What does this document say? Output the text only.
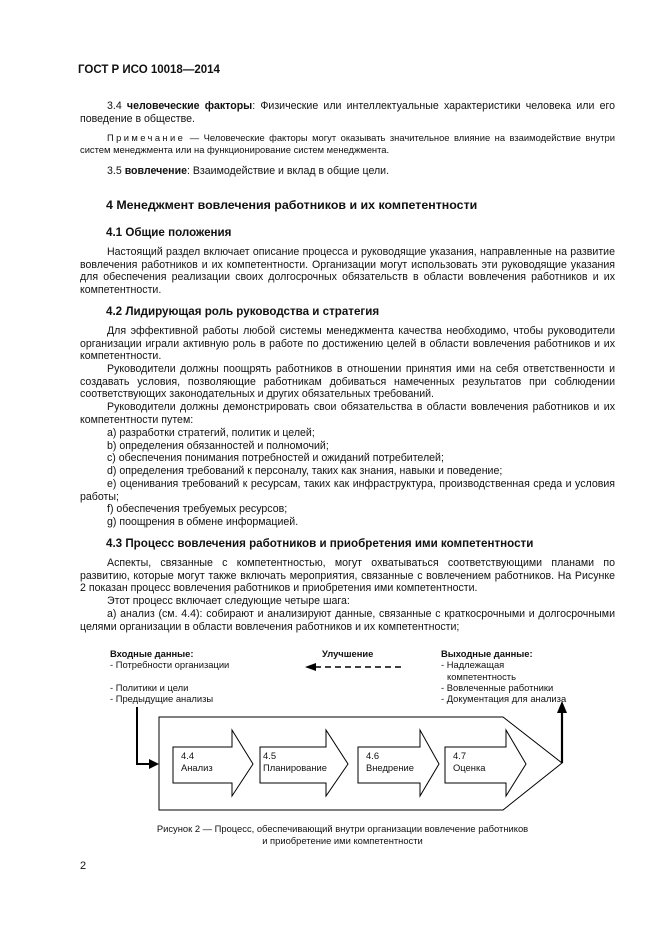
ГОСТ Р ИСО 10018—2014
3.4 человеческие факторы: Физические или интеллектуальные характеристики человека или его поведение в обществе.
Примечание — Человеческие факторы могут оказывать значительное влияние на взаимодействие внутри систем менеджмента или на функционирование систем менеджмента.
3.5 вовлечение: Взаимодействие и вклад в общие цели.
4 Менеджмент вовлечения работников и их компетентности
4.1 Общие положения
Настоящий раздел включает описание процесса и руководящие указания, направленные на развитие вовлечения работников и их компетентности. Организации могут использовать эти руководящие указания для обеспечения реализации своих долгосрочных обязательств в области вовлечения работников и их компетентности.
4.2 Лидирующая роль руководства и стратегия
Для эффективной работы любой системы менеджмента качества необходимо, чтобы руководители организации играли активную роль в работе по достижению целей в области вовлечения работников и их компетентности.
Руководители должны поощрять работников в отношении принятия ими на себя ответственности и создавать условия, позволяющие работникам добиваться намеченных результатов при соблюдении соответствующих законодательных и других обязательных требований.
Руководители должны демонстрировать свои обязательства в области вовлечения работников и их компетентности путем:
a) разработки стратегий, политик и целей;
b) определения обязанностей и полномочий;
c) обеспечения понимания потребностей и ожиданий потребителей;
d) определения требований к персоналу, таких как знания, навыки и поведение;
e) оценивания требований к ресурсам, таких как инфраструктура, производственная среда и условия работы;
f) обеспечения требуемых ресурсов;
g) поощрения в обмене информацией.
4.3 Процесс вовлечения работников и приобретения ими компетентности
Аспекты, связанные с компетентностью, могут охватываться соответствующими планами по развитию, которые могут также включать мероприятия, связанные с вовлечением работников. На Рисунке 2 показан процесс вовлечения работников и приобретения ими компетентности.
Этот процесс включает следующие четыре шага:
a) анализ (см. 4.4): собирают и анализируют данные, связанные с краткосрочными и долгосрочными целями организации в области вовлечения работников и их компетентности;
Входные данные:
- Потребности организации
- Политики и цели
- Предыдущие анализы
Улучшение	Выходные данные:
- Надлежащая
компетентность
- Вовлеченные работники
- Документация для анализа
4.4
Анализ
4.5
Планирование
4.6
Внедрение
4.7
Оценка
Рисунок 2 — Процесс, обеспечивающий внутри организации вовлечение работников
и приобретение ими компетентности
2
